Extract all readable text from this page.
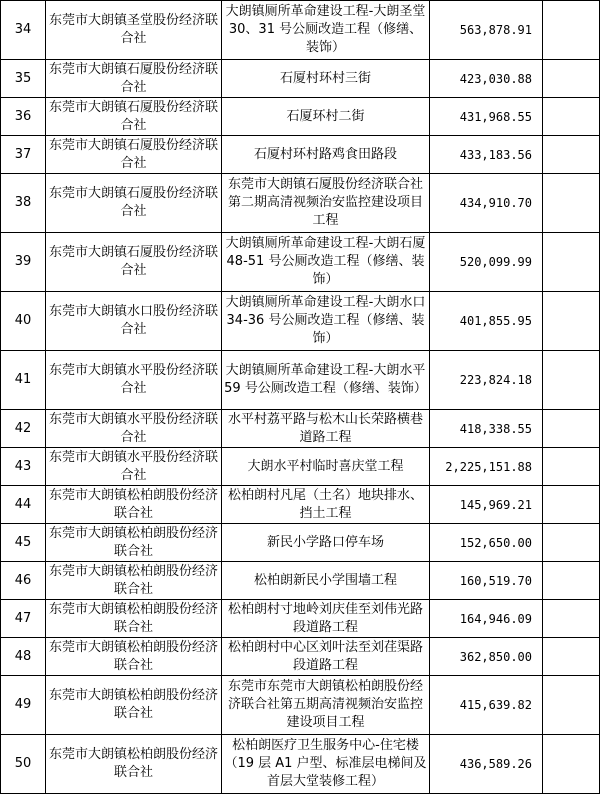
34	东莞市大朗镇圣堂股份经济联合社	大朗镇厕所革命建设工程-大朗圣堂 30、31 号公厕改造工程（修缮、装饰）	563,878.91	
35	东莞市大朗镇石厦股份经济联合社	石厦村环村三街	423,030.88	
36	东莞市大朗镇石厦股份经济联合社	石厦环村二街	431,968.55	
37	东莞市大朗镇石厦股份经济联合社	石厦村环村路鸡食田路段	433,183.56	
38	东莞市大朗镇石厦股份经济联合社	东莞市大朗镇石厦股份经济联合社第二期高清视频治安监控建设项目工程	434,910.70	
39	东莞市大朗镇石厦股份经济联合社	大朗镇厕所革命建设工程-大朗石厦 48-51 号公厕改造工程（修缮、装饰）	520,099.99	
40	东莞市大朗镇水口股份经济联合社	大朗镇厕所革命建设工程-大朗水口 34-36 号公厕改造工程（修缮、装饰）	401,855.95	
41	东莞市大朗镇水平股份经济联合社	大朗镇厕所革命建设工程-大朗水平 59 号公厕改造工程（修缮、装饰）	223,824.18	
42	东莞市大朗镇水平股份经济联合社	水平村荔平路与松木山长荣路横巷道路工程	418,338.55	
43	东莞市大朗镇水平股份经济联合社	大朗水平村临时喜庆堂工程	2,225,151.88	
44	东莞市大朗镇松柏朗股份经济联合社	松柏朗村凡尾（土名）地块排水、挡土工程	145,969.21	
45	东莞市大朗镇松柏朗股份经济联合社	新民小学路口停车场	152,650.00	
46	东莞市大朗镇松柏朗股份经济联合社	松柏朗新民小学围墙工程	160,519.70	
47	东莞市大朗镇松柏朗股份经济联合社	松柏朗村寸地岭刘庆佳至刘伟光路段道路工程	164,946.09	
48	东莞市大朗镇松柏朗股份经济联合社	松柏朗村中心区刘叶法至刘荏渠路段道路工程	362,850.00	
49	东莞市大朗镇松柏朗股份经济联合社	东莞市东莞市大朗镇松柏朗股份经济联合社第五期高清视频治安监控建设项目工程	415,639.82	
50	东莞市大朗镇松柏朗股份经济联合社	松柏朗医疗卫生服务中心-住宅楼（19 层 A1 户型、标准层电梯间及首层大堂装修工程）	436,589.26	
